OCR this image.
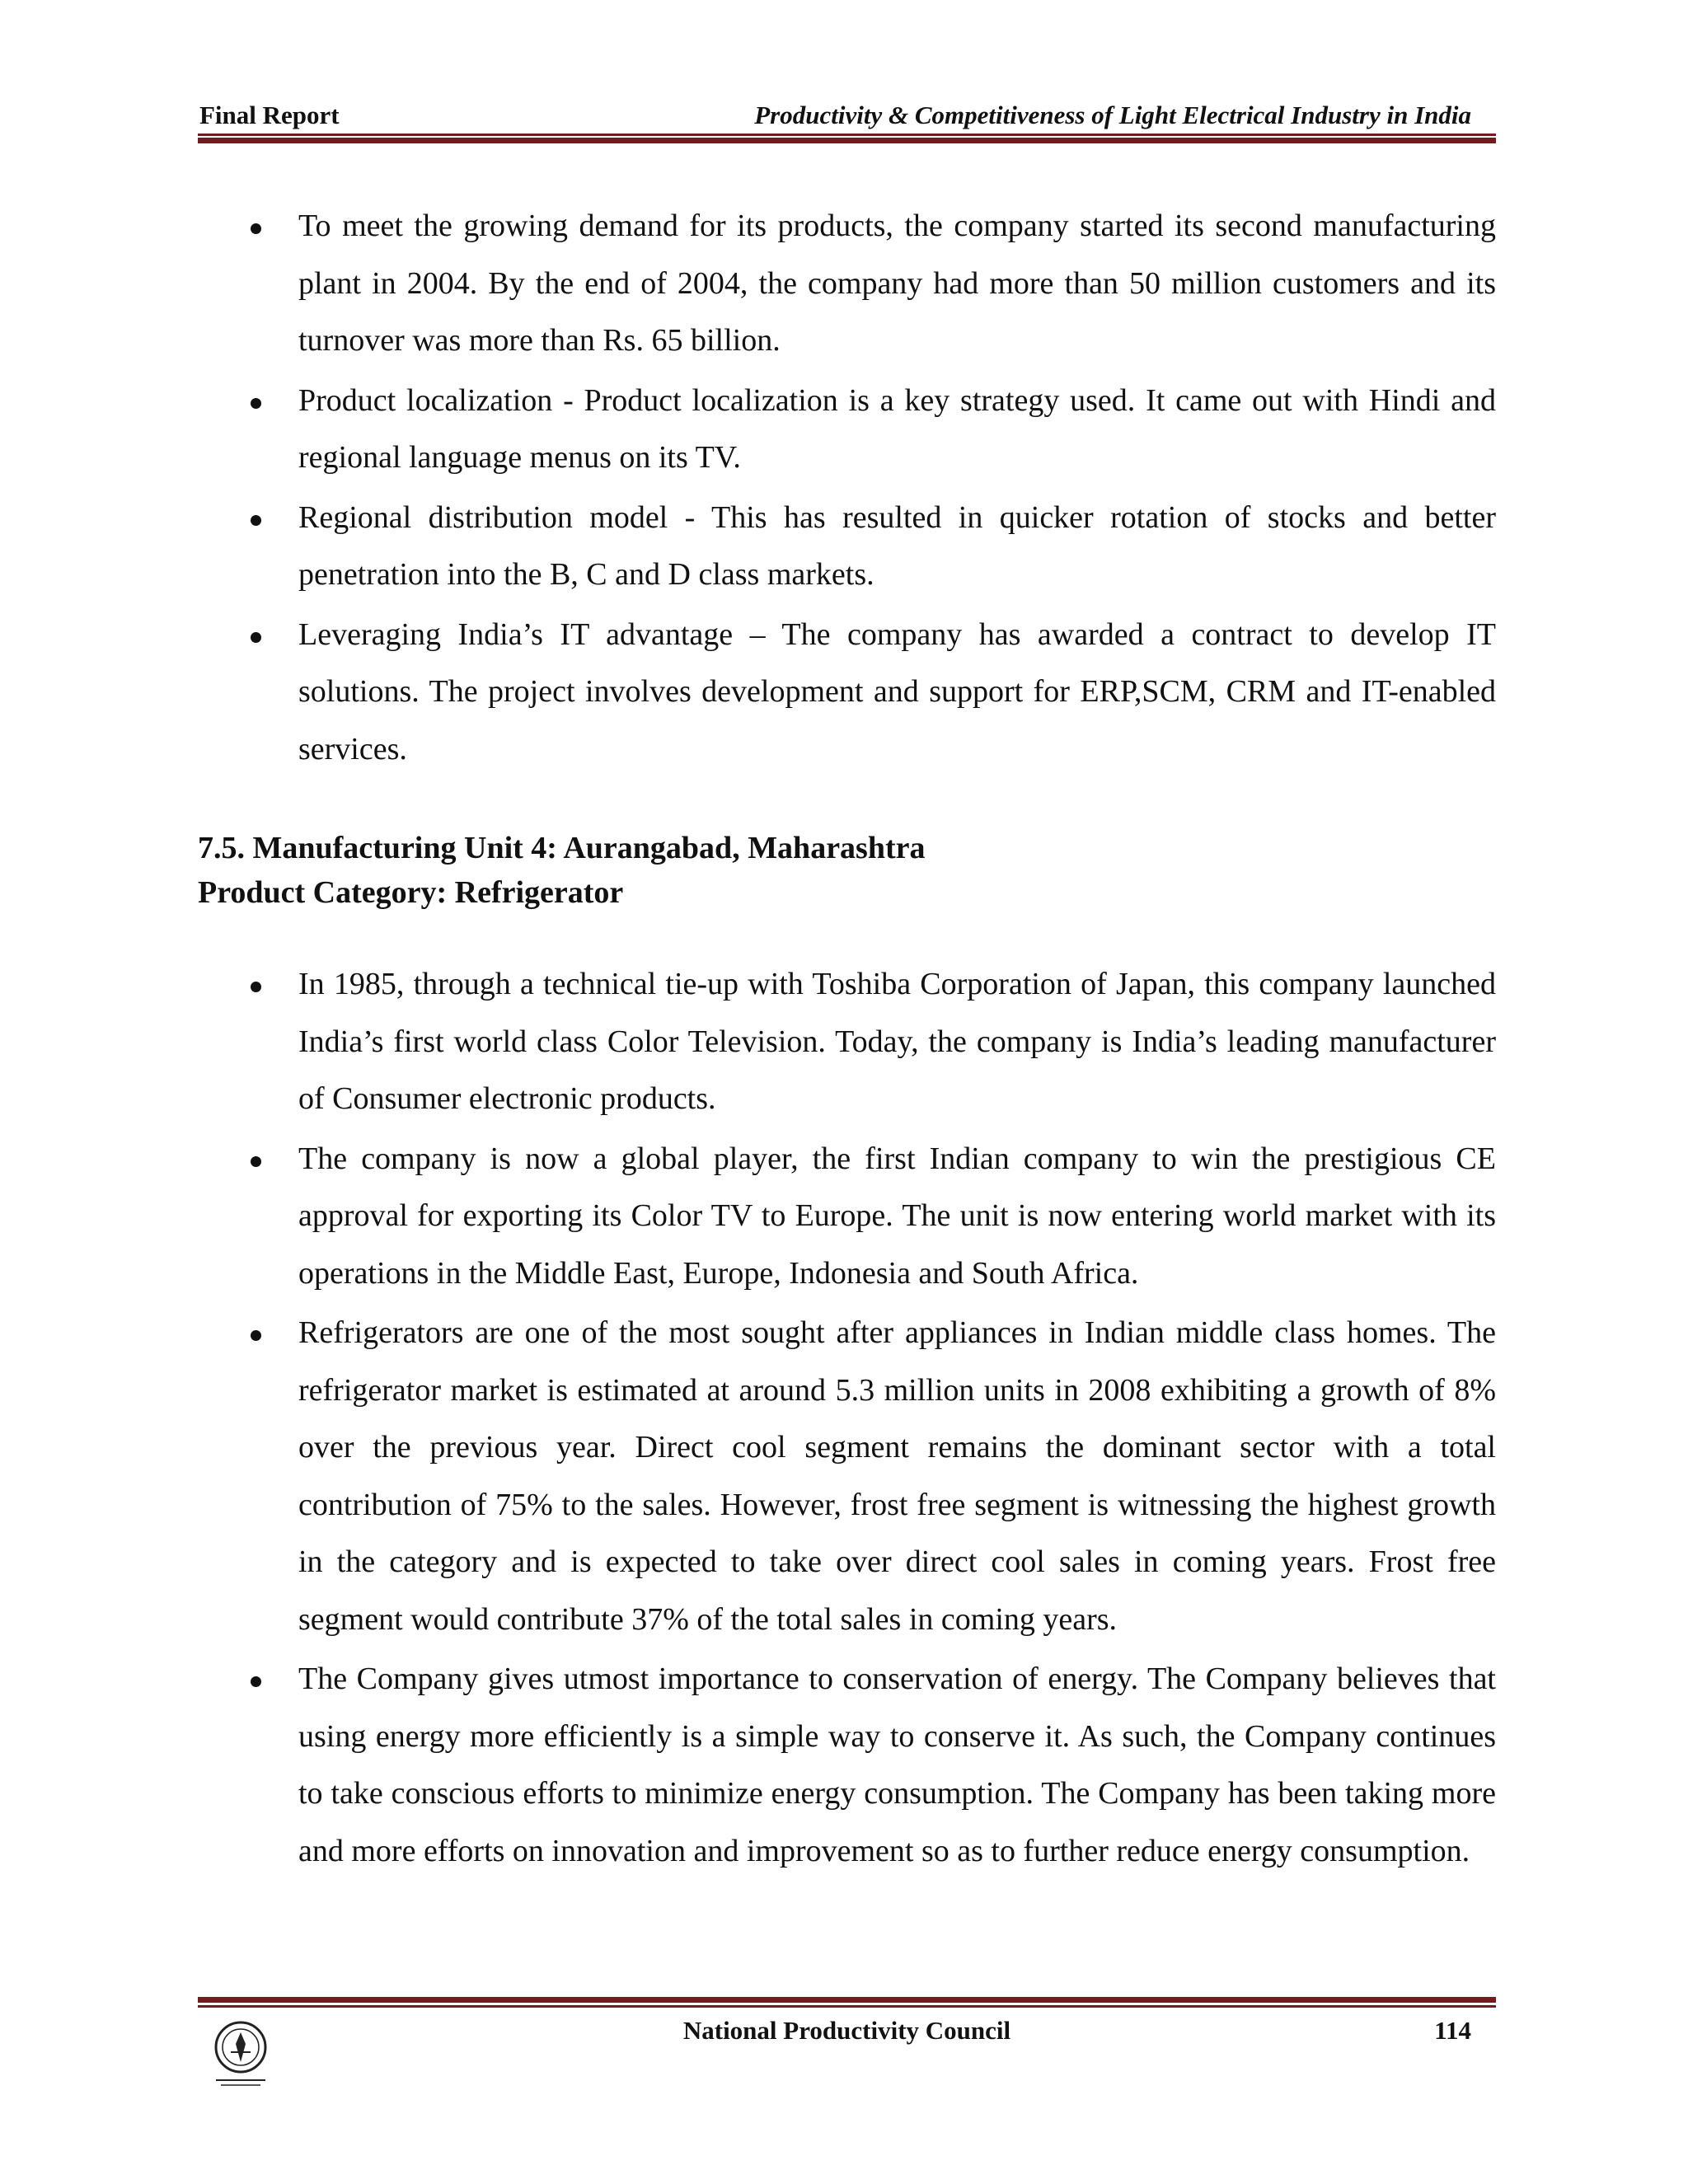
Final Report	Productivity & Competitiveness of Light Electrical Industry in India
To meet the growing demand for its products, the company started its second manufacturing plant in 2004. By the end of 2004, the company had more than 50 million customers and its turnover was more than Rs. 65 billion.
Product localization - Product localization is a key strategy used. It came out with Hindi and regional language menus on its TV.
Regional distribution model - This has resulted in quicker rotation of stocks and better penetration into the B, C and D class markets.
Leveraging India’s IT advantage – The company has awarded a contract to develop IT solutions. The project involves development and support for ERP,SCM, CRM and IT-enabled services.

7.5. Manufacturing Unit 4: Aurangabad, Maharashtra

Product Category: Refrigerator

In 1985, through a technical tie-up with Toshiba Corporation of Japan, this company launched India’s first world class Color Television. Today, the company is India’s leading manufacturer of Consumer electronic products.
The company is now a global player, the first Indian company to win the prestigious CE approval for exporting its Color TV to Europe. The unit is now entering world market with its operations in the Middle East, Europe, Indonesia and South Africa.
Refrigerators are one of the most sought after appliances in Indian middle class homes. The refrigerator market is estimated at around 5.3 million units in 2008 exhibiting a growth of 8% over the previous year. Direct cool segment remains the dominant sector with a total contribution of 75% to the sales. However, frost free segment is witnessing the highest growth in the category and is expected to take over direct cool sales in coming years. Frost free segment would contribute 37% of the total sales in coming years.
The Company gives utmost importance to conservation of energy. The Company believes that using energy more efficiently is a simple way to conserve it. As such, the Company continues to take conscious efforts to minimize energy consumption. The Company has been taking more and more efforts on innovation and improvement so as to further reduce energy consumption.
National Productivity Council	114
